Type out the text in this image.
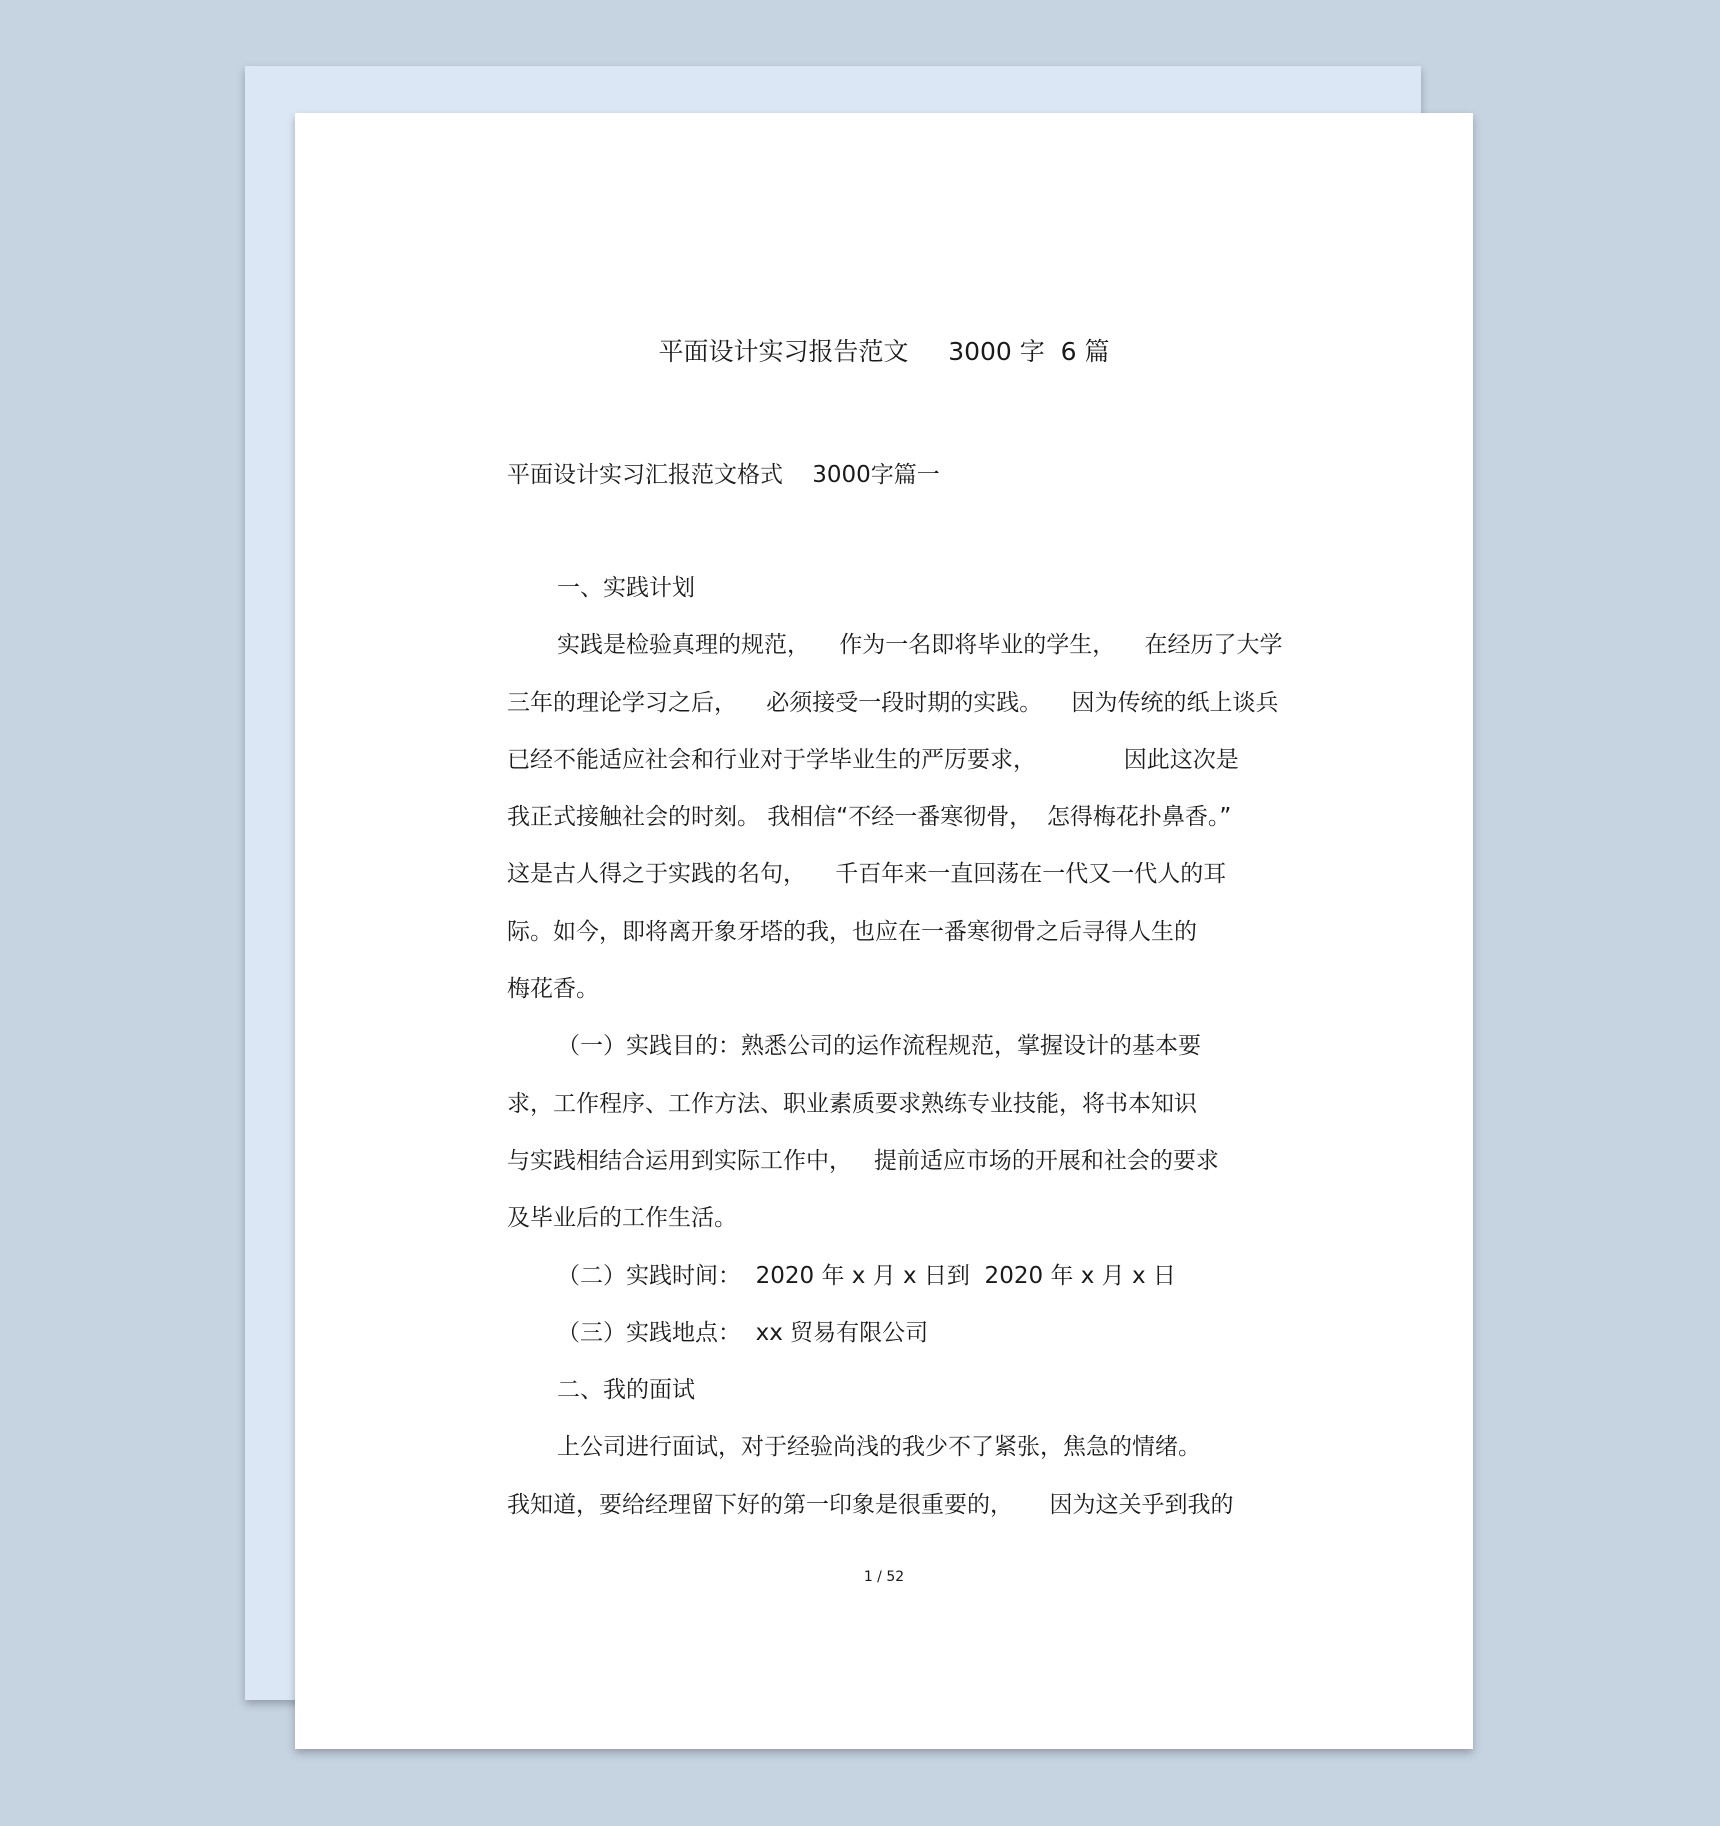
平面设计实习报告范文     3000 字  6 篇
平面设计实习汇报范文格式    3000字篇一
一、实践计划
实践是检验真理的规范，    作为一名即将毕业的学生，    在经历了大学
三年的理论学习之后，    必须接受一段时期的实践。    因为传统的纸上谈兵
已经不能适应社会和行业对于学毕业生的严厉要求，            因此这次是
我正式接触社会的时刻。 我相信“不经一番寒彻骨，  怎得梅花扑鼻香。”
这是古人得之于实践的名句，    千百年来一直回荡在一代又一代人的耳
际。如今，即将离开象牙塔的我，也应在一番寒彻骨之后寻得人生的
梅花香。
（一）实践目的：熟悉公司的运作流程规范，掌握设计的基本要
求，工作程序、工作方法、职业素质要求熟练专业技能，将书本知识
与实践相结合运用到实际工作中，   提前适应市场的开展和社会的要求
及毕业后的工作生活。
（二）实践时间：  2020 年 x 月 x 日到  2020 年 x 月 x 日
（三）实践地点：  xx 贸易有限公司
二、我的面试
上公司进行面试，对于经验尚浅的我少不了紧张，焦急的情绪。
我知道，要给经理留下好的第一印象是很重要的，     因为这关乎到我的
1 / 52
